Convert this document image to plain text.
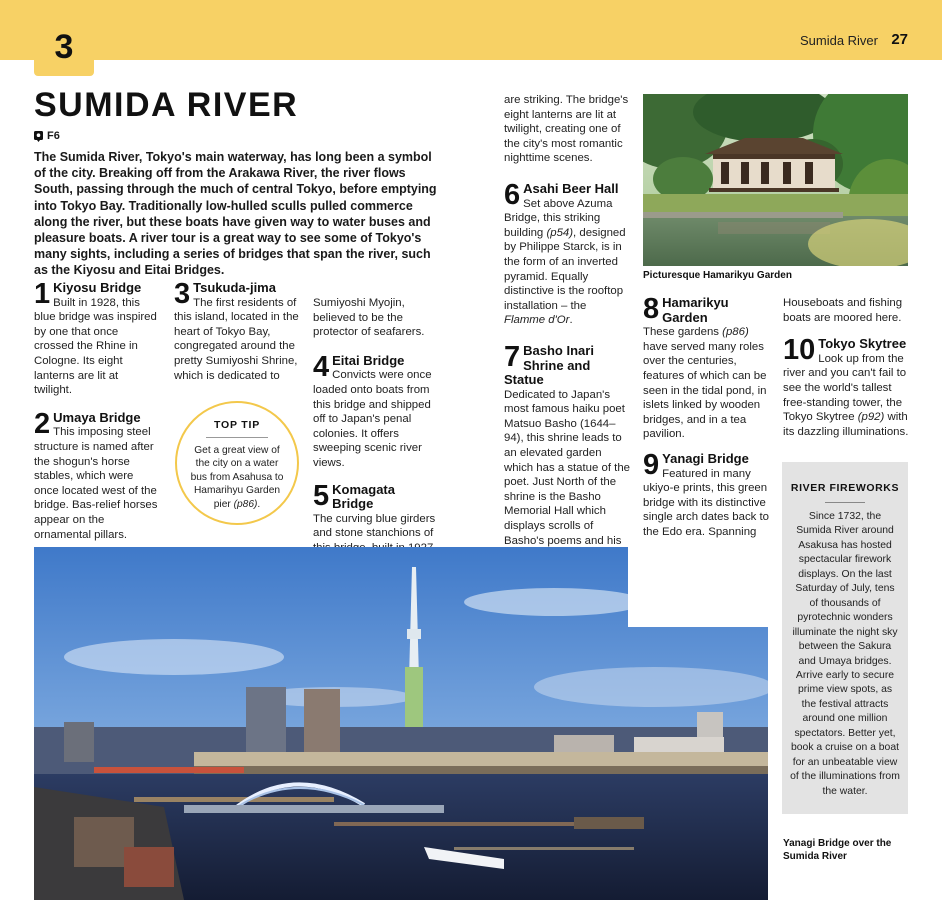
3	Sumida River 27
SUMIDA RIVER
F6
The Sumida River, Tokyo's main waterway, has long been a symbol of the city. Breaking off from the Arakawa River, the river flows South, passing through the much of central Tokyo, before emptying into Tokyo Bay. Traditionally low-hulled sculls pulled commerce along the river, but these boats have given way to water buses and pleasure boats. A river tour is a great way to see some of Tokyo's many sights, including a series of bridges that span the river, such as the Kiyosu and Eitai Bridges.
1 Kiyosu Bridge

Built in 1928, this blue bridge was inspired by one that once crossed the Rhine in Cologne. Its eight lanterns are lit at twilight.

2 Umaya Bridge

This imposing steel structure is named after the shogun's horse stables, which were once located west of the bridge. Bas-relief horses appear on the ornamental pillars.

3 Tsukuda-jima

The first residents of this island, located in the heart of Tokyo Bay, congregated around the pretty Sumiyoshi Shrine, which is dedicated to

TOP TIP
Get a great view of the city on a water bus from Asahusa to Hamarihyu Garden pier (p86).

Sumiyoshi Myojin, believed to be the protector of seafarers.

4 Eitai Bridge

Convicts were once loaded onto boats from this bridge and shipped off to Japan's penal colonies. It offers sweeping scenic river views.

5 Komagata Bridge

The curving blue girders and stone stanchions of

are striking. The bridge's eight lanterns are lit at twilight, creating one of the city's most romantic nighttime scenes.

6 Asahi Beer Hall

Set above Azuma Bridge, this striking building (p54), designed by Philippe Starck, is in the form of an inverted pyramid. Equally distinctive is the rooftop installation – the Flamme d'Or.

7 Basho Inari Shrine and Statue

Dedicated to Japan's most famous haiku poet Matsuo Basho (1644–94), this shrine leads to an elevated garden which has a statue of the poet. Just North of the shrine is the Basho Memorial Hall which displays scrolls of Basho's poems and his

Picturesque Hamarikyu Garden
8 Hamarikyu Garden

These gardens (p86) have served many roles over the centuries, features of which can be seen in the tidal pond, in islets linked by wooden bridges, and in a tea pavilion.

9 Yanagi Bridge

Featured in many ukiyo-e prints, this green bridge with its distinctive single arch dates back to the Edo era. Spanning

Houseboats and fishing boats are moored here.

10 Tokyo Skytree

Look up from the river and you can't fail to see the world's tallest free-standing tower, the Tokyo Skytree (p92) with its dazzling illuminations.

RIVER FIREWORKS
Since 1732, the Sumida River around Asakusa has hosted spectacular firework displays. On the last Saturday of July, tens of thousands of pyrotechnic wonders illuminate the night sky between the Sakura and Umaya bridges. Arrive early to secure prime view spots, as the festival attracts around one million spectators. Better yet, book a cruise on a boat for an unbeatable view of the illuminations from the water.
Yanagi Bridge over the Sumida River
